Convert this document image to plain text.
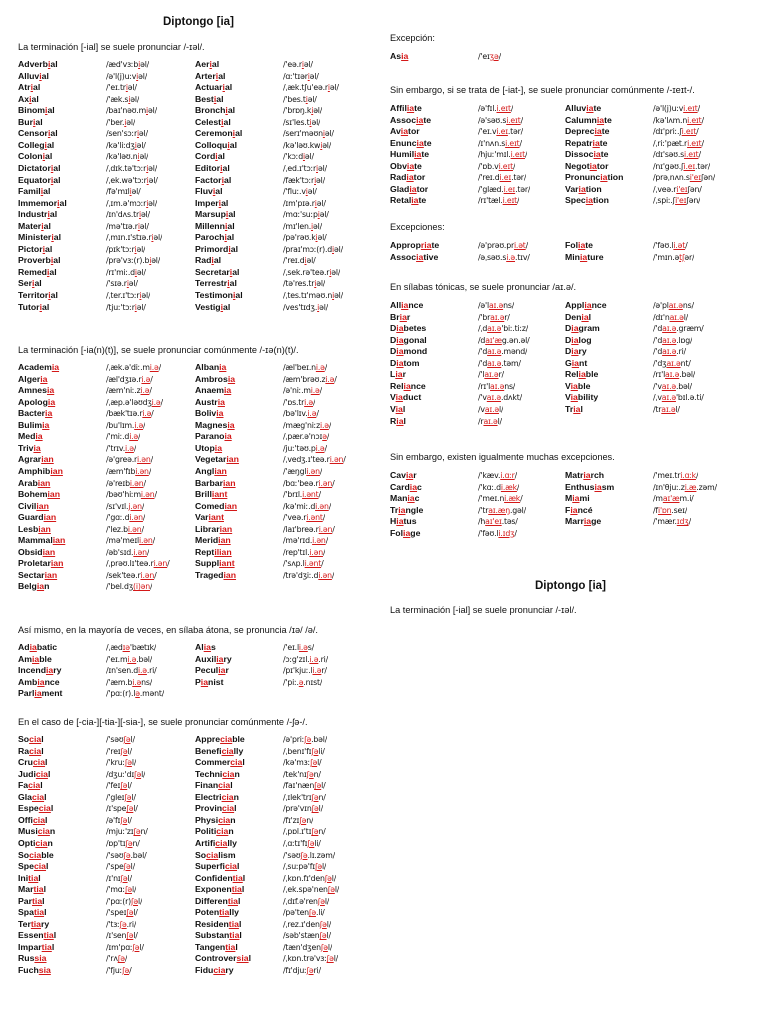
Diptongo [ia]
La terminación [-ial] se suele pronunciar /-ɪəl/.
Adverbial	/æd'vɜːbiəl/	Aerial	/'eə.riəl/
Alluvial	/ə'l(j)uːviəl/	Arterial	/ɑː'tɪəriəl/
Atrial	/'eɪ.triəl/	Actuarial	/ˌæk.tʃu'eə.riəl/
Axial	/'æk.siəl/	Bestial	/'bes.tiəl/
Binomial	/baɪ'nəʊ.miəl/	Bronchial	/'brɒŋ.kiəl/
Burial	/'ber.iəl/	Celestial	/sɪ'les.tiəl/
Censorial	/sen'sɔːriəl/	Ceremonial	/serɪ'məʊniəl/
Collegial	/kə'liːdʒiəl/	Colloquial	/kə'ləʊ.kwiəl/
Colonial	/kə'ləʊ.niəl/	Cordial	/'kɔːdiəl/
Dictatorial	/ˌdɪk.tə'tɔːriəl/	Editorial	/ˌed.ɪ'tɔːriəl/
Equatorial	/ˌek.wə'tɔːriəl/	Factorial	/fæk'tɔːriəl/
Familial	/fə'mɪliəl/	Fluvial	/'fluː.viəl/
Immemorial	/ˌɪm.ə'mɔːriəl/	Imperial	/ɪm'pɪə.riəl/
Industrial	/ɪn'dʌs.triəl/	Marsupial	/mɑː'suːpiəl/
Material	/mə'tɪə.riəl/	Millennial	/mɪ'len.iəl/
Ministerial	/ˌmɪn.ɪ'stɪə.riəl/	Parochial	/pə'rəʊ.kiəl/
Pictorial	/pɪk'tɔːriəl/	Primordial	/praɪ'mɔː(r).diəl/
Proverbial	/prə'vɜː(r).biəl/	Radial	/'reɪ.diəl/
Remedial	/rɪ'miː.diəl/	Secretarial	/ˌsek.rə'teə.riəl/
Serial	/'sɪə.riəl/	Terrestrial	/tə'res.triəl/
Territorial	/ˌter.ɪ'tɔːriəl/	Testimonial	/ˌtes.tɪ'məʊ.niəl/
Tutorial	/tjuː'tɔːriəl/	Vestigial	/ves'tɪdʒ.iəl/
La terminación [-ia(n)(t)], se suele pronunciar comúnmente /-ɪə(n)(t)/.
Academia	/ˌæk.ə'diː.mi.ə/	Albania	/æl'beɪ.ni.ə/
Algeria	/æl'dʒɪə.ri.ə/	Ambrosia	/æm'brəʊ.zi.ə/
Amnesia	/æm'niː.zi.ə/	Anaemia	/ə'niː.mi.ə/
Apologia	/ˌæp.ə'ləʊdʒi.ə/	Austria	/'ɒs.tri.ə/
Bacteria	/bæk'tɪə.ri.ə/	Bolivia	/bə'lɪv.i.ə/
Bulimia	/bu'lɪm.i.ə/	Magnesia	/mæg'niːzi.ə/
Media	/'miː.di.ə/	Paranoia	/ˌpær.ə'nɔɪə/
Trivia	/'trɪv.i.ə/	Utopia	/juː'təʊ.pi.ə/
Agrarian	/ə'greə.ri.ən/	Vegetarian	/ˌvedʒ.ɪ'teə.ri.ən/
Amphibian	/æm'fɪbi.ən/	Anglian	/'æŋgli.ən/
Arabian	/ə'reɪbi.ən/	Barbarian	/bɑː'beə.ri.ən/
Bohemian	/bəʊ'hiːmi.ən/	Brilliant	/'brɪl.i.ənt/
Civilian	/sɪ'vɪl.j.ən/	Comedian	/kə'miː.di.ən/
Guardian	/'gɑː.di.ən/	Variant	/'veə.ri.ənt/
Lesbian	/'lez.bi.ən/	Librarian	/laɪ'breə.ri.ən/
Mammalian	/mə'meɪli.ən/	Meridian	/mə'rɪd.i.ən/
Obsidian	/əb'sɪd.i.ən/	Reptilian	/rep'tɪl.i.ən/
Proletarian	/ˌprəʊ.lɪ'teə.ri.ən/	Suppliant	/'sʌp.li.ənt/
Sectarian	/sek'teə.ri.ən/	Tragedian	/trə'dʒiː.di.ən/
Belgian	/'bel.dʒ(i)ən/
Así mismo, en la mayoría de veces, en sílaba átona, se pronuncia /ɪə/ /ə/.
Adiabatic	/ˌædɪə'bætɪk/	Alias	/'eɪ.li.əs/
Amiable	/'eɪ.mi.ə.bəl/	Auxiliary	/ɔːg'zɪl.i.ə.ri/
Incendiary	/ɪn'sen.di.ə.ri/	Peculiar	/pɪ'kjuː.li.ər/
Ambiance	/'æm.bi.əns/	Pianist	/'piː.ə.nɪst/
Parliament	/'pɑː(r).lə.mənt/
En el caso de [-cia-][-tia-][-sia-], se suele pronunciar comúnmente /-ʃə-/.
Social	/'səʊʃəl/	Appreciable	/ə'priːʃə.bəl/
Racial	/'reɪʃəl/	Beneficially	/ˌbenɪ'fɪʃəli/
Crucial	/'kruːʃəl/	Commercial	/kə'mɜːʃəl/
Judicial	/dʒuː'dɪʃəl/	Technician	/tek'nɪʃən/
Facial	/'feɪʃəl/	Financial	/faɪ'nænʃəl/
Glacial	/'gleɪʃəl/	Electrician	/ˌɪlek'trɪʃən/
Especial	/ɪ'speʃəl/	Provincial	/prə'vɪnʃəl/
Official	/ə'fɪʃəl/	Physician	/fɪ'zɪʃən/
Musician	/mjuː'zɪʃən/	Politician	/ˌpɒl.ɪ'tɪʃən/
Optician	/ɒp'tɪʃən/	Artificially	/ˌɑːtɪ'fɪʃəli/
Sociable	/'səʊʃə.bəl/	Socialism	/'səʊʃə.lɪ.zəm/
Special	/'speʃəl/	Superficial	/ˌsuːpə'fɪʃəl/
Initial	/ɪ'nɪʃəl/	Confidential	/ˌkɒn.fɪ'denʃəl/
Martial	/'mɑːʃəl/	Exponential	/ˌek.spə'nenʃəl/
Partial	/'pɑː(r)ʃəl/	Differential	/ˌdɪf.ə'renʃəl/
Spatial	/'speɪʃəl/	Potentially	/pə'tenʃə.li/
Tertiary	/'tɜːʃə.ri/	Residential	/ˌrez.ɪ'denʃəl/
Essential	/ɪ'senʃəl/	Substantial	/səb'stænʃəl/
Impartial	/ɪm'pɑːʃəl/	Tangential	/tæn'dʒenʃəl/
Russia	/'rʌʃə/	Controversial	/ˌkɒn.trə'vɜːʃəl/
Fuchsia	/'fjuːʃə/	Fiduciary	/fɪ'djuːʃəri/
Diptongo [ia]
La terminación [-ial] se suele pronunciar /-ɪəl/.
Excepción:
Asia	/'eɪʒə/
Sin embargo, si se trata de [-iat-], se suele pronunciar comúnmente /-ɪeɪt-/.
Affiliate	/ə'fɪl.i.eɪt/	Alluviate	/ə'l(j)uːvi.eɪt/
Associate	/ə'səʊ.si.eɪt/	Calumniate	/kə'lʌm.ni.eɪt/
Aviator	/'eɪ.vi.eɪ.tər/	Depreciate	/dɪ'priː.ʃi.eɪt/
Enunciate	/ɪ'nʌn.si.eɪt/	Repatriate	/ˌriː'pæt.ri.eɪt/
Humiliate	/hjuː'mɪl.i.eɪt/	Dissociate	/dɪ'səʊ.si.eɪt/
Obviate	/'ɒb.vi.eɪt/	Negotiator	/nɪ'gəʊ.ʃi.eɪ.tər/
Radiator	/'reɪ.di.eɪ.tər/	Pronunciation	/prəˌnʌn.si'eɪʃən/
Gladiator	/'glæd.i.eɪ.tər/	Variation	/ˌveə.ri'eɪʃən/
Retaliate	/rɪ'tæl.i.eɪt/	Speciation	/ˌspiː.ʃi'eɪʃən/
Excepciones:
Appropriate	/ə'prəʊ.pri.ət/	Foliate	/'fəʊ.li.ət/
Associative	/əˌsəʊ.si.ə.tɪv/	Miniature	/'mɪn.ətʃər/
En sílabas tónicas, se suele pronunciar /aɪ.ə/.
Alliance	/ə'laɪ.əns/	Appliance	/ə'plaɪ.əns/
Briar	/'braɪ.ər/	Denial	/dɪ'naɪ.əl/
Diabetes	/ˌdaɪ.ə'biː.tiːz/	Diagram	/'daɪ.ə.græm/
Diagonal	/daɪ'æg.ən.əl/	Dialog	/'daɪ.ə.lɒg/
Diamond	/'daɪ.ə.mənd/	Diary	/'daɪ.ə.ri/
Diatom	/'daɪ.ə.təm/	Giant	/'dʒaɪ.ənt/
Liar	/'laɪ.ər/	Reliable	/rɪ'laɪ.ə.bəl/
Reliance	/rɪ'laɪ.əns/	Viable	/'vaɪ.ə.bəl/
Viaduct	/'vaɪ.ə.dʌkt/	Viability	/ˌvaɪ.ə'bɪl.ə.ti/
Vial	/vaɪ.əl/	Trial	/traɪ.əl/
Rial	/raɪ.əl/
Sin embargo, existen igualmente muchas excepciones.
Caviar	/'kæv.i.ɑːr/	Matriarch	/'meɪ.tri.ɑːk/
Cardiac	/'kɑː.di.æk/	Enthusiasm	/ɪn'θjuː.zi.æ.zəm/
Maniac	/'meɪ.ni.æk/	Miami	/maɪ'æm.i/
Triangle	/'traɪ.æŋ.gəl/	Fiancé	/fi'ɒn.seɪ/
Hiatus	/haɪ'eɪ.təs/	Marriage	/'mær.ɪdʒ/
Foliage	/'fəʊ.li.ɪdʒ/
